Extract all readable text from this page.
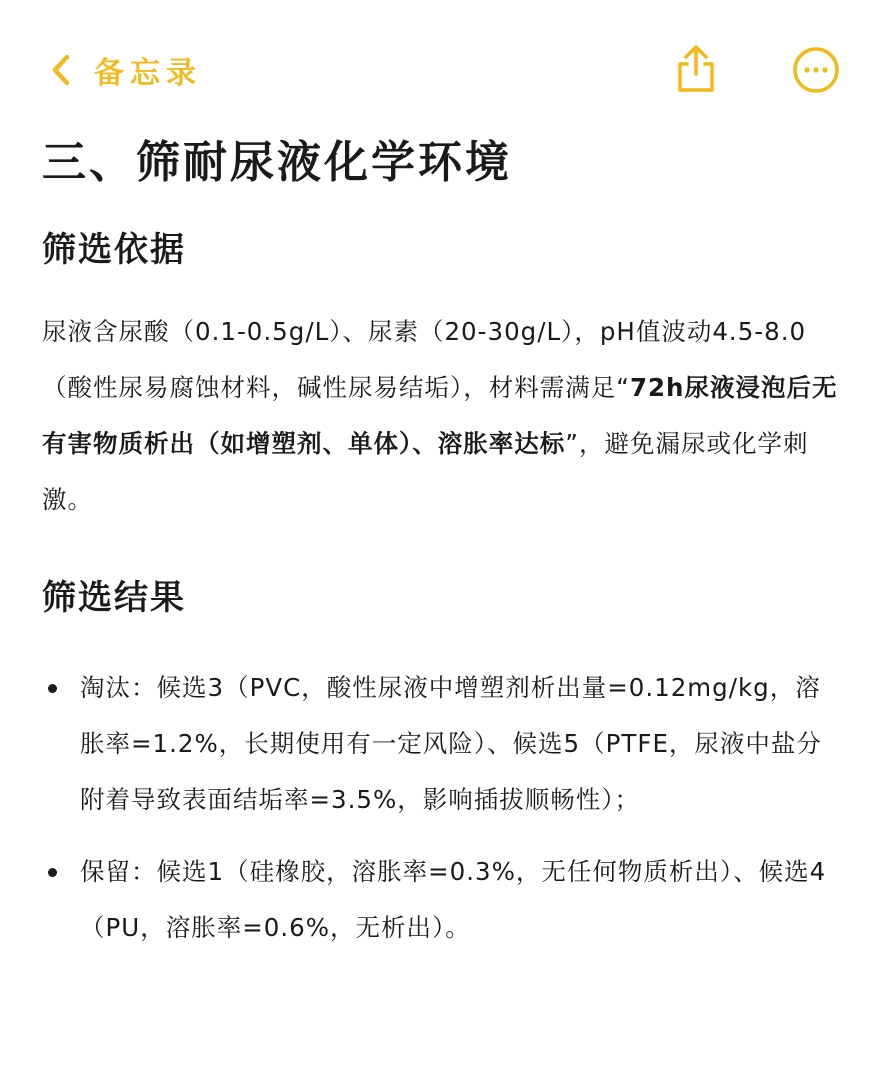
备忘录
三、筛耐尿液化学环境
筛选依据

尿液含尿酸（0.1-0.5g/L）、尿素（20-30g/L），pH值波动4.5-8.0（酸性尿易腐蚀材料，碱性尿易结垢），材料需满足“72h尿液浸泡后无有害物质析出（如增塑剂、单体）、溶胀率达标”，避免漏尿或化学刺激。

筛选结果
淘汰：候选3（PVC，酸性尿液中增塑剂析出量=0.12mg/kg，溶胀率=1.2%，长期使用有一定风险）、候选5（PTFE，尿液中盐分附着导致表面结垢率=3.5%，影响插拔顺畅性）；
保留：候选1（硅橡胶，溶胀率=0.3%，无任何物质析出）、候选4（PU，溶胀率=0.6%，无析出）。
